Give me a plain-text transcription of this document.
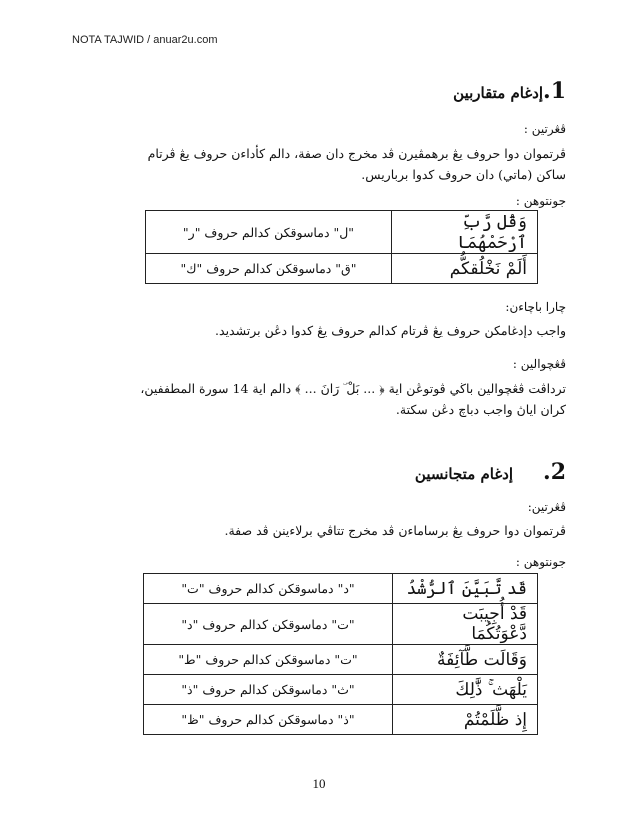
NOTA TAJWID / anuar2u.com
1.إدغام متقاربين
ڤڠرتين :
ڤرتموان دوا حروف يڠ برهمڤيرن ڤد مخرج دان صفة، دالم كأداءن حروف يڠ ڤرتام
ساكن (ماتي) دان حروف كدوا برباريس.
جونتوهن :
"ل" دماسوقكن كدالم حروف "ر"	وَقُل رَّبِّ ٱرْحَمْهُمَا
"ق" دماسوقكن كدالم حروف "ك"	أَلَمْ نَخْلُقكُّم
چارا باچاءن:
واجب دإدغامكن حروف يڠ ڤرتام كدالم حروف يڠ كدوا دڠن برتشديد.
ڤڠچوالين :
ترداڤت ڤڠچوالين باڬي ڤوتوڠن اية ﴿ ... بَلْ ۜ رَانَ ... ﴾ دالم اية 14 سورة المطففين،
كران اياڽ واجب دباچ دڠن سكتة.
2.إدغام متجانسين
ڤڠرتين:
ڤرتموان دوا حروف يڠ برساماءن ڤد مخرج تتاڤي برلاءينن ڤد صفة.
جونتوهن :
"د" دماسوقكن كدالم حروف "ت"	قَد تَّبَيَّنَ ٱلرُّشْدُ
"ت" دماسوقكن كدالم حروف "د"	قَدْ أُجِيبَت دَّعْوَتُكُمَا
"ت" دماسوقكن كدالم حروف "ط"	وَقَالَت طَّآئِفَةٌ
"ث" دماسوقكن كدالم حروف "ذ"	يَلْهَث ۚ ذَّٰلِكَ
"ذ" دماسوقكن كدالم حروف "ظ"	إِذ ظَّلَمْتُمْ
10
